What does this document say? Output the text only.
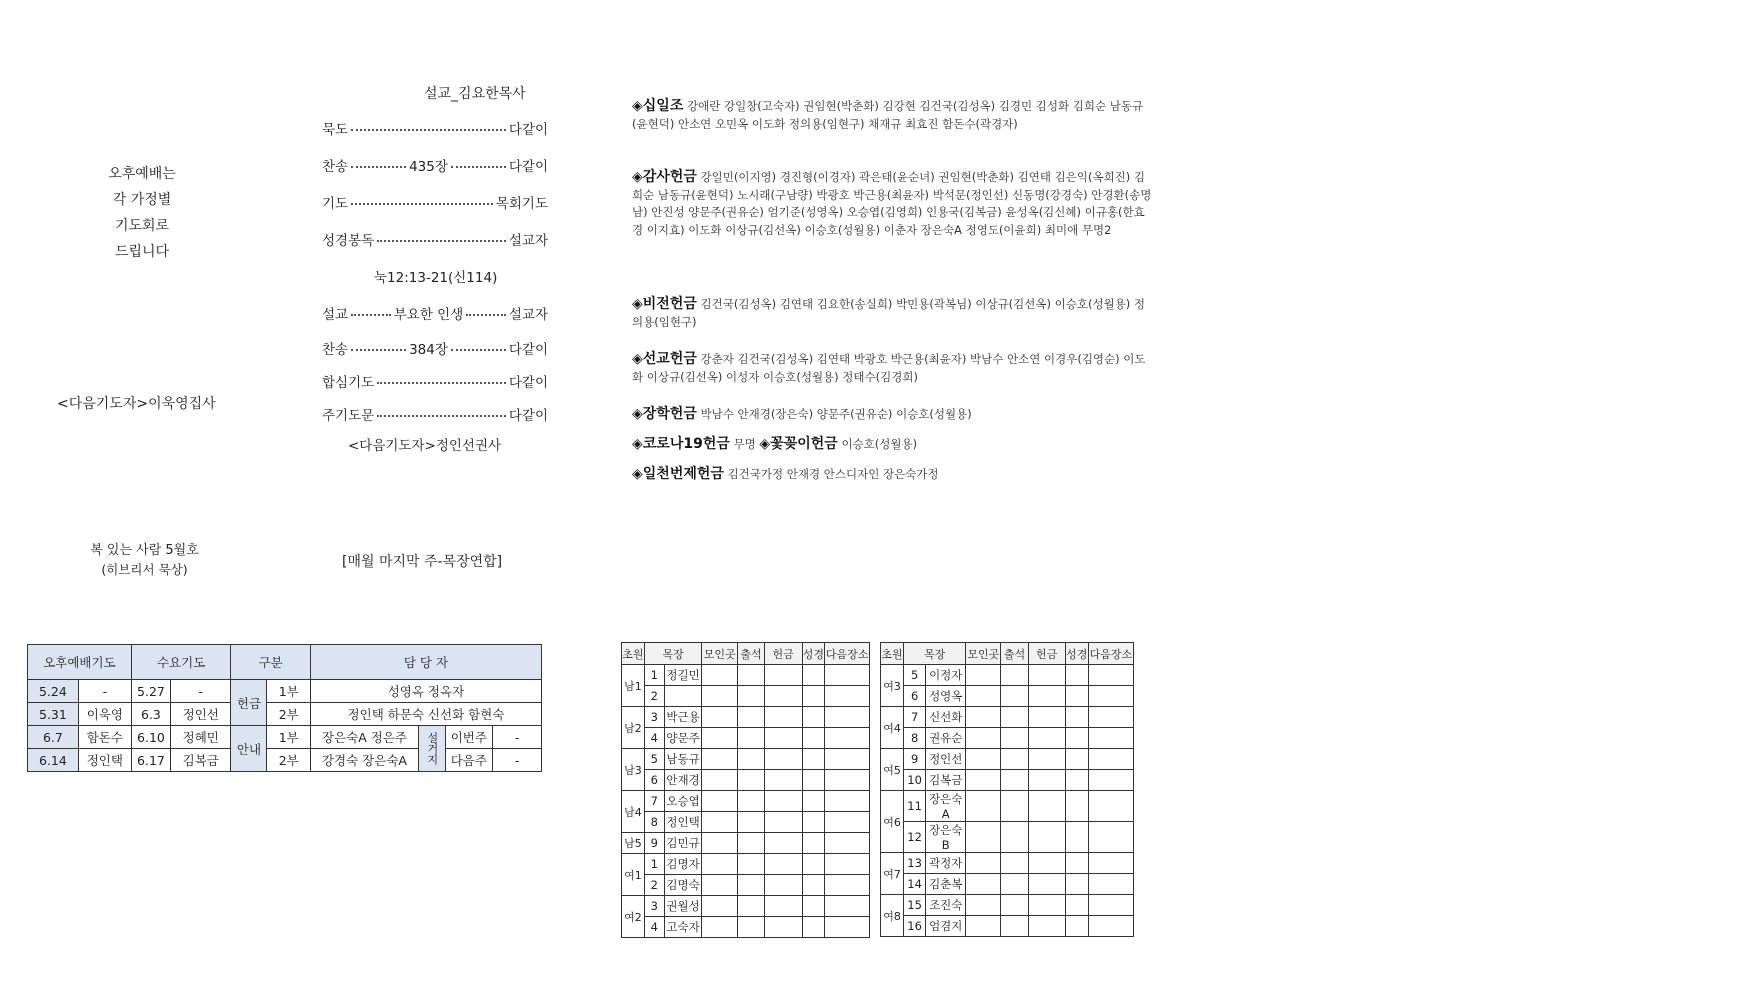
오후예배는
각 가정별
기도회로
드립니다
<다음기도자>이욱영집사
설교_김요한목사
묵도	다같이
찬송	435장	다같이
기도	목회기도
성경봉독	설교자
눅12:13-21(신114)
설교	부요한 인생	설교자
찬송	384장	다같이
합심기도	다같이
주기도문	다같이
<다음기도자>정인선권사
복 있는 사람 5월호
(히브리서 묵상)	[매월 마지막 주-목장연합]
◈십일조 강애란 강일창(고숙자) 권임현(박춘화) 김강현 김건국(김성옥) 김경민 김성화 김희순 남동규(윤현덕) 안소연 오민옥 이도화 정의용(임현구) 채재규 최효진 함돈수(곽경자)
◈감사헌금 강일민(이지영) 경진형(이경자) 곽은태(윤순녀) 권임현(박춘화) 김연태 김은익(옥희진) 김희순 남동규(윤현덕) 노시래(구남량) 박광호 박근용(최윤자) 박석문(정인선) 신동명(강경숙) 안경환(송명남) 안진성 양문주(권유순) 엄기준(성영옥) 오승엽(김영희) 인용국(김복금) 윤성옥(김신혜) 이규홍(한효경 이지효) 이도화 이상규(김선옥) 이승호(성월용) 이춘자 장은숙A 정영도(이윤희) 최미애 무명2
◈비전헌금 김건국(김성옥) 김연태 김요한(송실희) 박민용(곽복님) 이상규(김선옥) 이승호(성월용) 정의용(임현구)
◈선교헌금 강춘자 김건국(김성옥) 김연태 박광호 박근용(최윤자) 박남수 안소연 이경우(김영순) 이도화 이상규(김선옥) 이성자 이승호(성월용) 정태수(김경희)
◈장학헌금 박남수 안재경(장은숙) 양문주(권유순) 이승호(성월용)
◈코로나19헌금 무명 ◈꽃꽂이헌금 이승호(성월용)
◈일천번제헌금 김건국가정 안재경 안스디자인 장은숙가정
오후예배기도		수요기도		구분		담 당 자			
5.24	-	5.27	-	헌금	1부	성영옥 정옥자			
5.31	이욱영	6.3	정인선		2부	정인택 하문숙 신선화 함현숙			
6.7	함돈수	6.10	정혜민	안내	1부	장은숙A 정은주	설거지	이번주	-
6.14	정인택	6.17	김복금		2부	강경숙 장은숙A		다음주	-
초원	목장		모인곳	출석	헌금	성경	다음장소
남1	1	정길민					
	2						
남2	3	박근용					
	4	양문주					
남3	5	남동규					
	6	안재경					
남4	7	오승엽					
	8	정인택					
남5	9	김민규					
여1	1	김명자					
	2	김명숙					
여2	3	권월성					
	4	고숙자					
초원	목장		모인곳	출석	헌금	성경	다음장소
여3	5	이정자					
	6	성영옥					
여4	7	신선화					
	8	권유순					
여5	9	정인선					
	10	김복금					
여6	11	장은숙A					
	12	장은숙B					
여7	13	곽정자					
	14	김춘복					
여8	15	조진숙					
	16	엄겸지					
